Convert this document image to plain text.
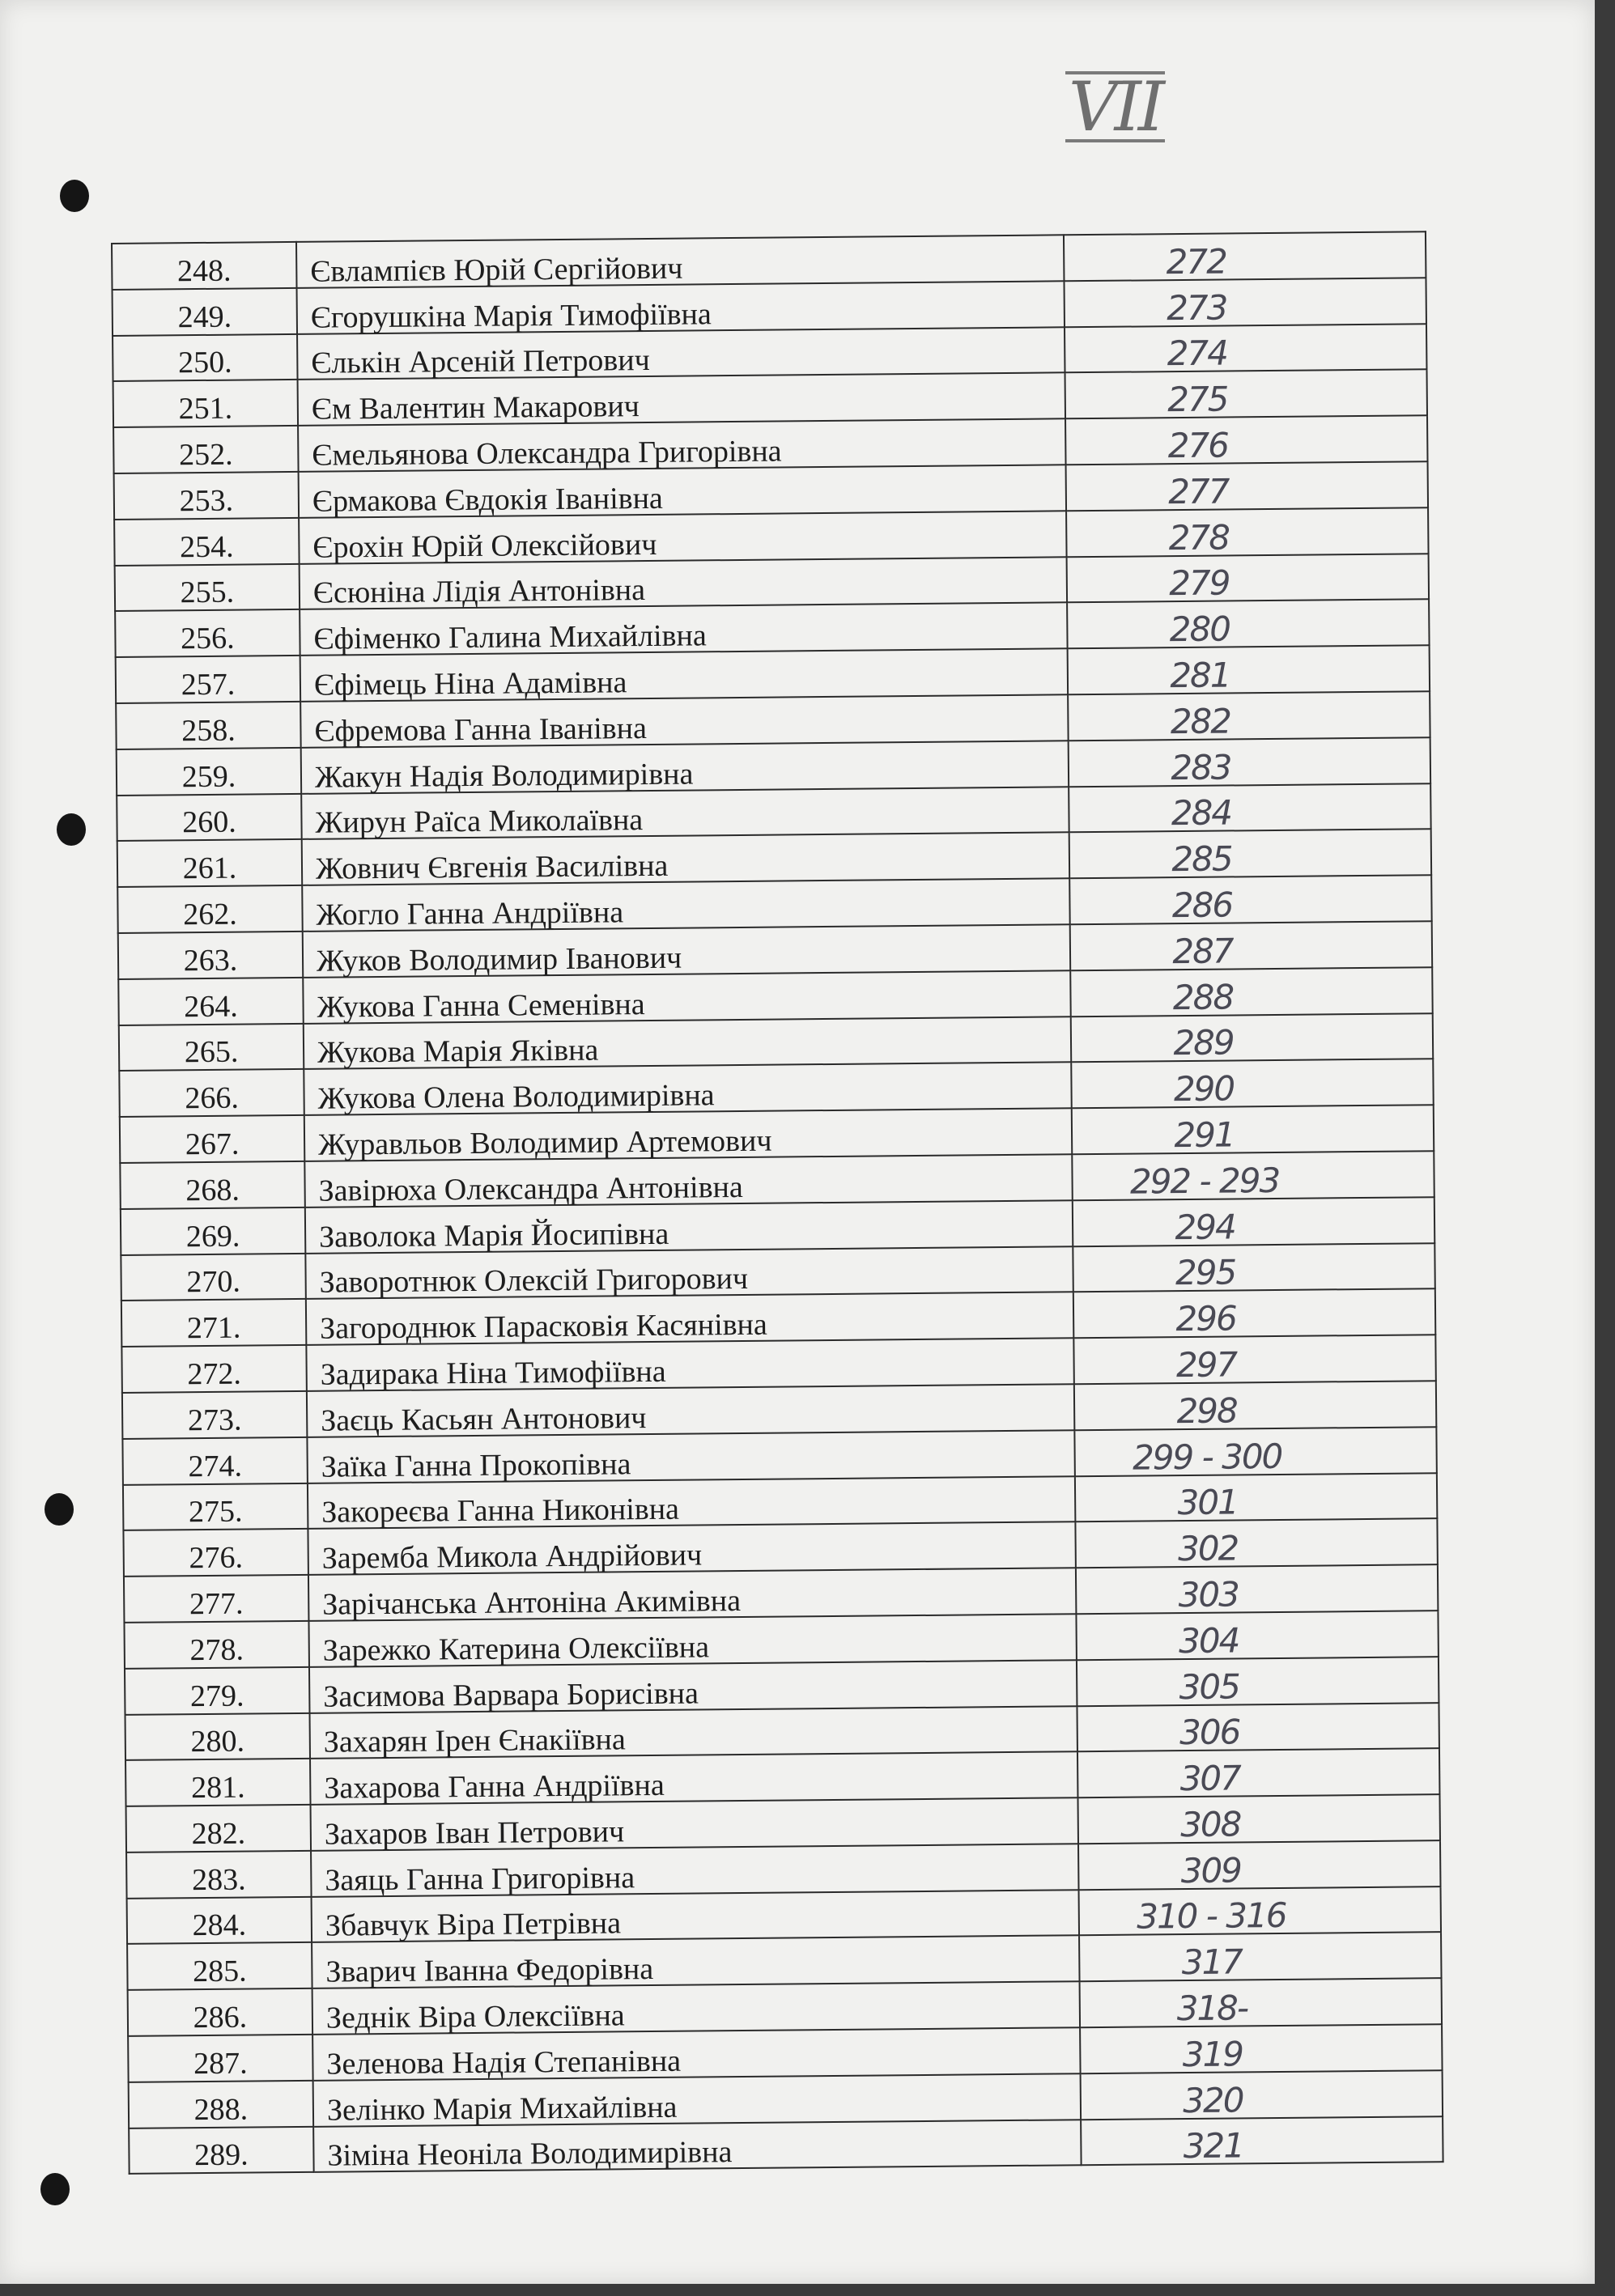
VII
248.	Євлампієв Юрій Сергійович	272
249.	Єгорушкіна Марія Тимофіївна	273
250.	Єлькін Арсеній Петрович	274
251.	Єм Валентин Макарович	275
252.	Ємельянова Олександра Григорівна	276
253.	Єрмакова Євдокія Іванівна	277
254.	Єрохін Юрій Олексійович	278
255.	Єсюніна Лідія Антонівна	279
256.	Єфіменко Галина Михайлівна	280
257.	Єфімець Ніна Адамівна	281
258.	Єфремова Ганна Іванівна	282
259.	Жакун Надія Володимирівна	283
260.	Жирун Раїса Миколаївна	284
261.	Жовнич Євгенія Василівна	285
262.	Жогло Ганна Андріївна	286
263.	Жуков Володимир Іванович	287
264.	Жукова Ганна Семенівна	288
265.	Жукова Марія Яківна	289
266.	Жукова Олена Володимирівна	290
267.	Журавльов Володимир Артемович	291
268.	Завірюха Олександра Антонівна	292 - 293
269.	Заволока Марія Йосипівна	294
270.	Заворотнюк Олексій Григорович	295
271.	Загороднюк Парасковія Касянівна	296
272.	Задирака Ніна Тимофіївна	297
273.	Заєць Касьян Антонович	298
274.	Заїка Ганна Прокопівна	299 - 300
275.	Закореєва Ганна Никонівна	301
276.	Заремба Микола Андрійович	302
277.	Зарічанська Антоніна Акимівна	303
278.	Зарежко Катерина Олексіївна	304
279.	Засимова Варвара Борисівна	305
280.	Захарян Ірен Єнакіївна	306
281.	Захарова Ганна Андріївна	307
282.	Захаров Іван Петрович	308
283.	Заяць Ганна Григорівна	309
284.	Збавчук Віра Петрівна	310 - 316
285.	Зварич Іванна Федорівна	317
286.	Зеднік Віра Олексіївна	318-
287.	Зеленова Надія Степанівна	319
288.	Зелінко Марія Михайлівна	320
289.	Зіміна Неоніла Володимирівна	321
